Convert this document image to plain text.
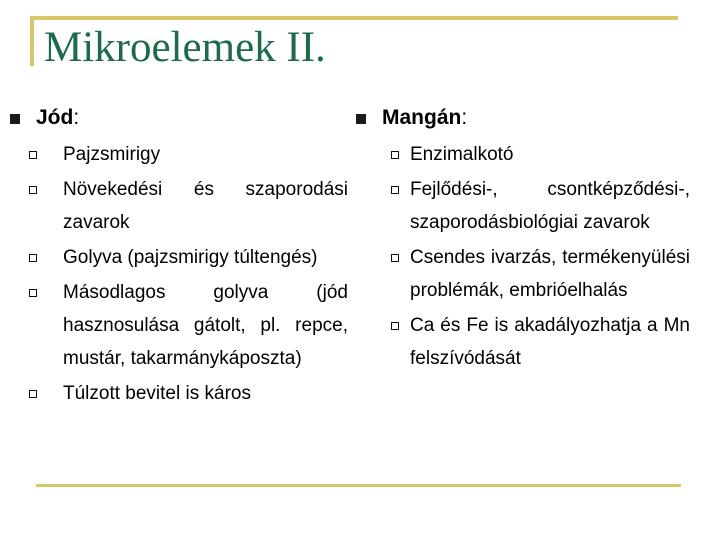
Mikroelemek II.
Jód:
Pajzsmirigy
Növekedési és szaporodási zavarok
Golyva (pajzsmirigy túltengés)
Másodlagos golyva (jód hasznosulása gátolt, pl. repce, mustár, takarmánykáposzta)
Túlzott bevitel is káros
Mangán:
Enzimalkotó
Fejlődési-, csontképződési-, szaporodásbiológiai zavarok
Csendes ivarzás, termékenyülési problémák, embrióelhalás
Ca és Fe is akadályozhatja a Mn felszívódását
